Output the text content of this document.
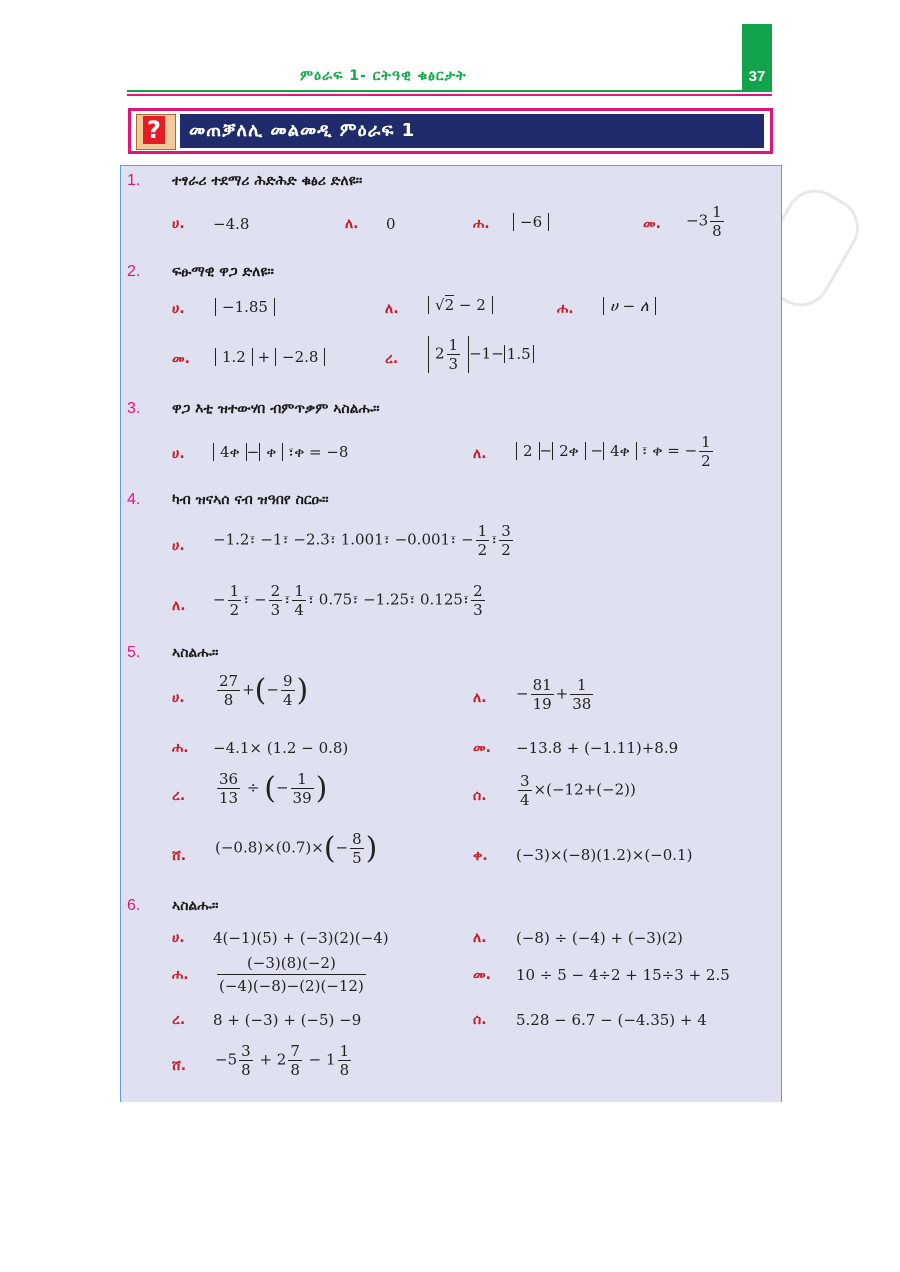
37
ምዕራፍ 1- ርትዓዊ ቁፅርታት
? መጠቓለሊ መልመዲ ምዕራፍ 1
1. ተፃራሪ ተደማሪ ሕድሕድ ቁፅሪ ድለዩ።
ሀ. −4.8	ለ. 0	ሐ.	−6	መ. $-3 \frac{1}{8}$
2. ፍፁማዊ ዋጋ ድለዩ።
ሀ.	−1.85	ለ.	√2 − 2	ሐ.	ሀ − ለ
መ.	1.2 + −2.8	ረ.	$2 \frac{1}{3} -1- 1.5$
3. ዋጋ እቲ ዝተውሃበ ብምጥቃም ኣስልሑ።
ሀ.	4ቀ − ቀ ፣ቀ = −8	ለ.	2 − 2ቀ − 4ቀ ፣ ቀ = − $\frac{1}{2}$
4. ካብ ዝናኣሰ ናብ ዝዓበየ ስርዑ።
ሀ. −1.2፣ −1፣ −2.3፣ 1.001፣ −0.001፣ − $\frac{1}{2}$ ፣ $\frac{3}{2}$
ለ. − $\frac{1}{2}$ ፣ − $\frac{2}{3}$ ፣ $\frac{1}{4}$ ፣ 0.75፣ −1.25፣ 0.125፣ $\frac{2}{3}$
5. ኣስልሑ።
ሀ. $\frac{27}{8}$ +(− $\frac{9}{4}$ )	ለ. − $\frac{81}{19} + \frac{1}{38}$
ሐ. −4.1× (1.2 − 0.8)	መ. −13.8 + (−1.11)+8.9
ረ. $\frac{36}{13}$ ÷ (− $\frac{1}{39}$ )	ሰ. $\frac{3}{4} \times(-12+(-2))$
ሸ. $(-0.8)\times(0.7)\times(- \frac{8}{5}$ )	ቀ. (−3)×(−8)(1.2)×(−0.1)
6. ኣስልሑ።
ሀ. 4(−1)(5) + (−3)(2)(−4)	ለ. (−8) ÷ (−4) + (−3)(2)
ሐ. $\frac{(-3)(8)(-2)}{(-4)(-8)-(2)(-12)}$	መ. 10 ÷ 5 − 4÷2 + 15÷3 + 2.5
ረ. 8 + (−3) + (−5) −9	ሰ. 5.28 − 6.7 − (−4.35) + 4
ሸ. $-5 \frac{3}{8} + 2 \frac{7}{8} - 1 \frac{1}{8}$
